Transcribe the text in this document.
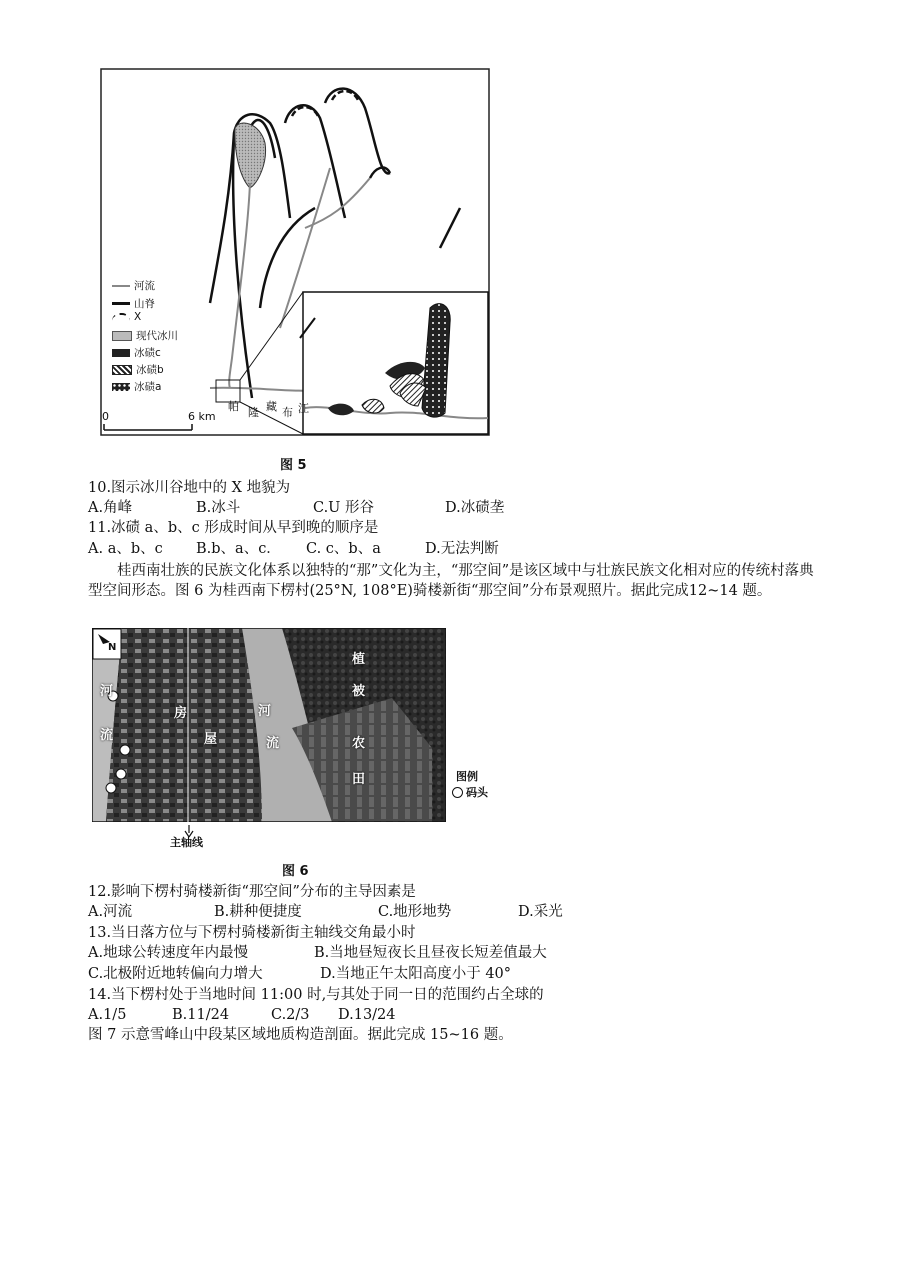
河流
山脊
X
现代冰川
冰碛c
冰碛b
冰碛a
0	6 km
帕 隆 藏 布 江
图 5
10.图示冰川谷地中的 X 地貌为
A.角峰	B.冰斗	C.U 形谷	D.冰碛垄
11.冰碛 a、b、c 形成时间从早到晚的顺序是
A. a、b、c B.b、a、c． C. c、b、a	D.无法判断
桂西南壮族的民族文化体系以独特的“那”文化为主，“那空间”是该区域中与壮族民族文化相对应的传统村落典型空间形态。图 6 为桂西南下楞村(25°N, 108°E)骑楼新街“那空间”分布景观照片。据此完成12~14 题。
N
河
流
房
屋
河
流
植
被
农
田
主轴线
图例
码头
图 6
12.影响下楞村骑楼新街“那空间”分布的主导因素是
A.河流	B.耕种便捷度	C.地形地势	D.采光
13.当日落方位与下楞村骑楼新街主轴线交角最小时
A.地球公转速度年内最慢	B.当地昼短夜长且昼夜长短差值最大
C.北极附近地转偏向力增大	D.当地正午太阳高度小于 40°
14.当下楞村处于当地时间 11:00 时,与其处于同一日的范围约占全球的
A.1/5	B.11/24	C.2/3 D.13/24
图 7 示意雪峰山中段某区域地质构造剖面。据此完成 15~16 题。
